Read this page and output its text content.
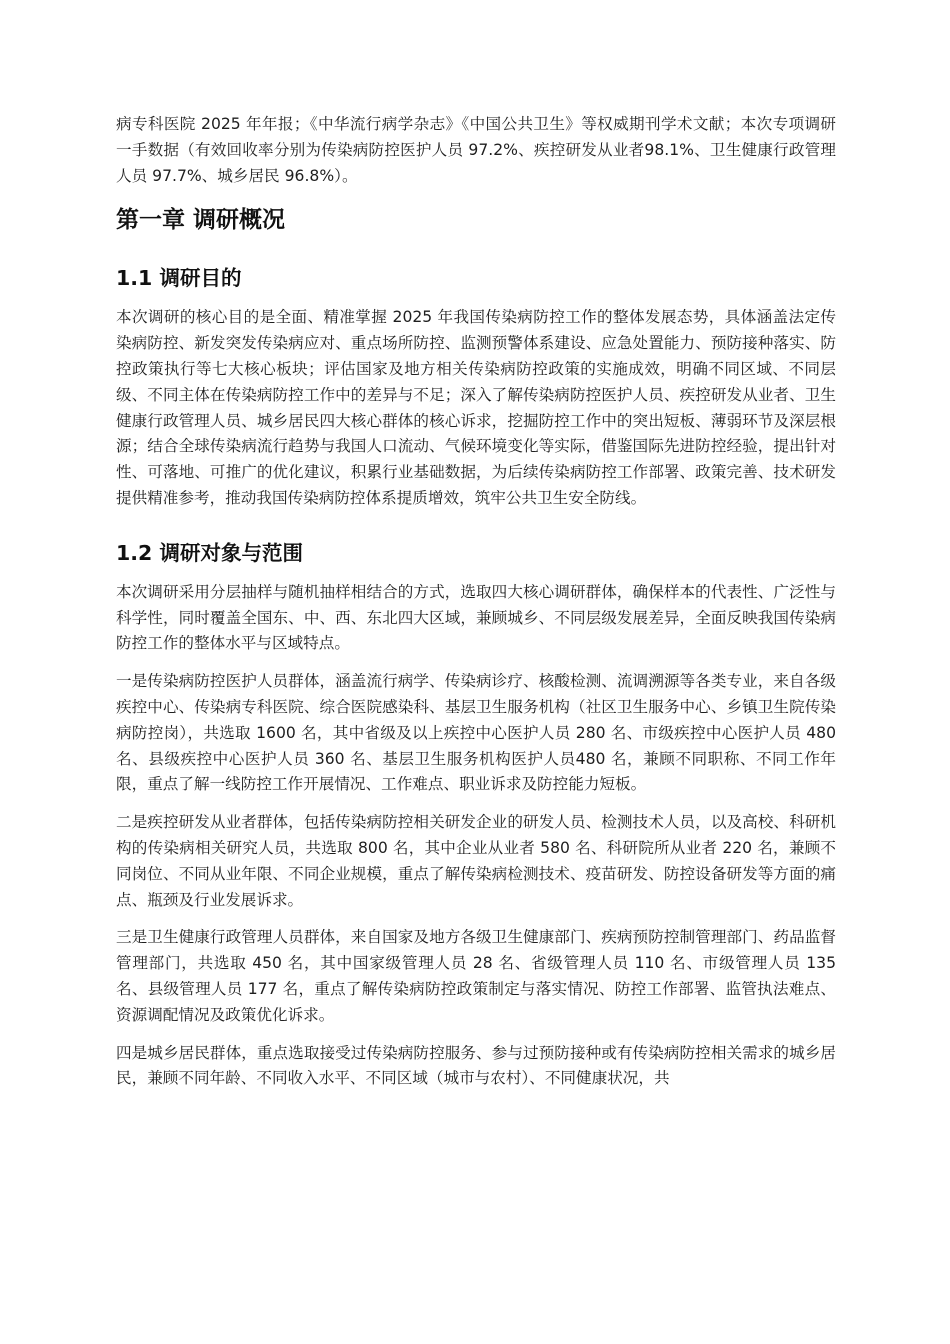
病专科医院 2025 年年报；《中华流行病学杂志》《中国公共卫生》等权威期刊学术文献；本次专项调研一手数据（有效回收率分别为传染病防控医护人员 97.2%、疾控研发从业者98.1%、卫生健康行政管理人员 97.7%、城乡居民 96.8%）。

第一章 调研概况
1.1 调研目的

本次调研的核心目的是全面、精准掌握 2025 年我国传染病防控工作的整体发展态势，具体涵盖法定传染病防控、新发突发传染病应对、重点场所防控、监测预警体系建设、应急处置能力、预防接种落实、防控政策执行等七大核心板块；评估国家及地方相关传染病防控政策的实施成效，明确不同区域、不同层级、不同主体在传染病防控工作中的差异与不足；深入了解传染病防控医护人员、疾控研发从业者、卫生健康行政管理人员、城乡居民四大核心群体的核心诉求，挖掘防控工作中的突出短板、薄弱环节及深层根源；结合全球传染病流行趋势与我国人口流动、气候环境变化等实际，借鉴国际先进防控经验，提出针对性、可落地、可推广的优化建议，积累行业基础数据，为后续传染病防控工作部署、政策完善、技术研发提供精准参考，推动我国传染病防控体系提质增效，筑牢公共卫生安全防线。

1.2 调研对象与范围

本次调研采用分层抽样与随机抽样相结合的方式，选取四大核心调研群体，确保样本的代表性、广泛性与科学性，同时覆盖全国东、中、西、东北四大区域，兼顾城乡、不同层级发展差异，全面反映我国传染病防控工作的整体水平与区域特点。

一是传染病防控医护人员群体，涵盖流行病学、传染病诊疗、核酸检测、流调溯源等各类专业，来自各级疾控中心、传染病专科医院、综合医院感染科、基层卫生服务机构（社区卫生服务中心、乡镇卫生院传染病防控岗），共选取 1600 名，其中省级及以上疾控中心医护人员 280 名、市级疾控中心医护人员 480 名、县级疾控中心医护人员 360 名、基层卫生服务机构医护人员480 名，兼顾不同职称、不同工作年限，重点了解一线防控工作开展情况、工作难点、职业诉求及防控能力短板。

二是疾控研发从业者群体，包括传染病防控相关研发企业的研发人员、检测技术人员，以及高校、科研机构的传染病相关研究人员，共选取 800 名，其中企业从业者 580 名、科研院所从业者 220 名，兼顾不同岗位、不同从业年限、不同企业规模，重点了解传染病检测技术、疫苗研发、防控设备研发等方面的痛点、瓶颈及行业发展诉求。

三是卫生健康行政管理人员群体，来自国家及地方各级卫生健康部门、疾病预防控制管理部门、药品监督管理部门，共选取 450 名，其中国家级管理人员 28 名、省级管理人员 110 名、市级管理人员 135 名、县级管理人员 177 名，重点了解传染病防控政策制定与落实情况、防控工作部署、监管执法难点、资源调配情况及政策优化诉求。

四是城乡居民群体，重点选取接受过传染病防控服务、参与过预防接种或有传染病防控相关需求的城乡居民，兼顾不同年龄、不同收入水平、不同区域（城市与农村）、不同健康状况，共
